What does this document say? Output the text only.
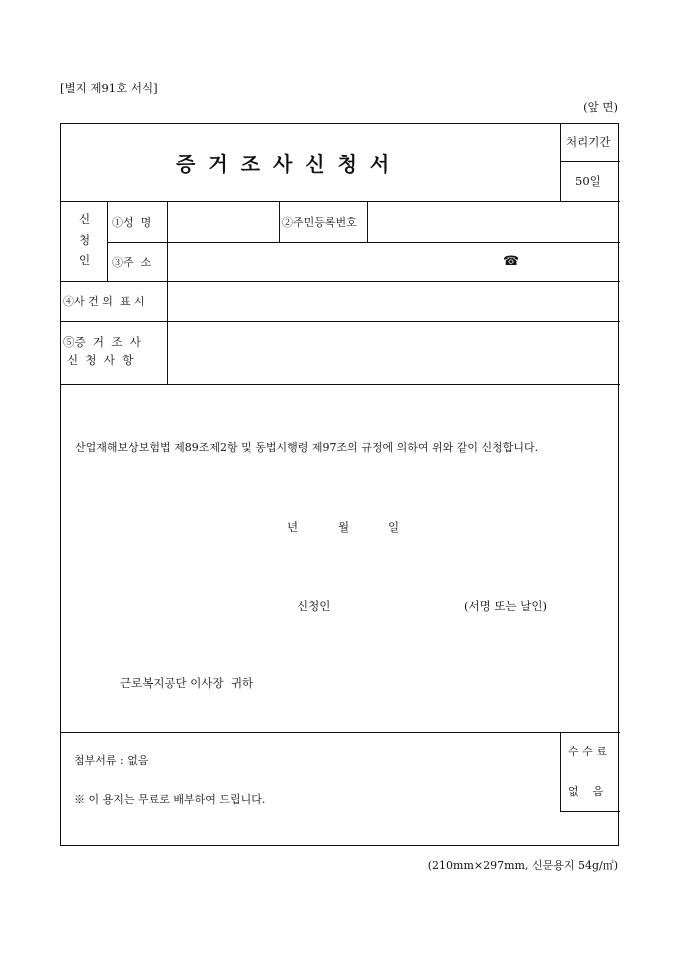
[별지 제91호 서식]
(앞 면)
증거조사신청서
처리기간
50일
신
청
인
①성  명	②주민등록번호
③주  소	☎
④사 건 의  표 시
⑤증  거  조  사
신  청  사  항
산업재해보상보험법 제89조제2항 및 동법시행령 제97조의 규정에 의하여 위와 같이 신청합니다.
년	월	일
신청인	(서명 또는 날인)
근로복지공단 이사장  귀하
첨부서류 : 없음
※ 이 용지는 무료로 배부하여 드립니다.
수 수 료
없    음
(210mm×297mm, 신문용지 54g/㎡)
